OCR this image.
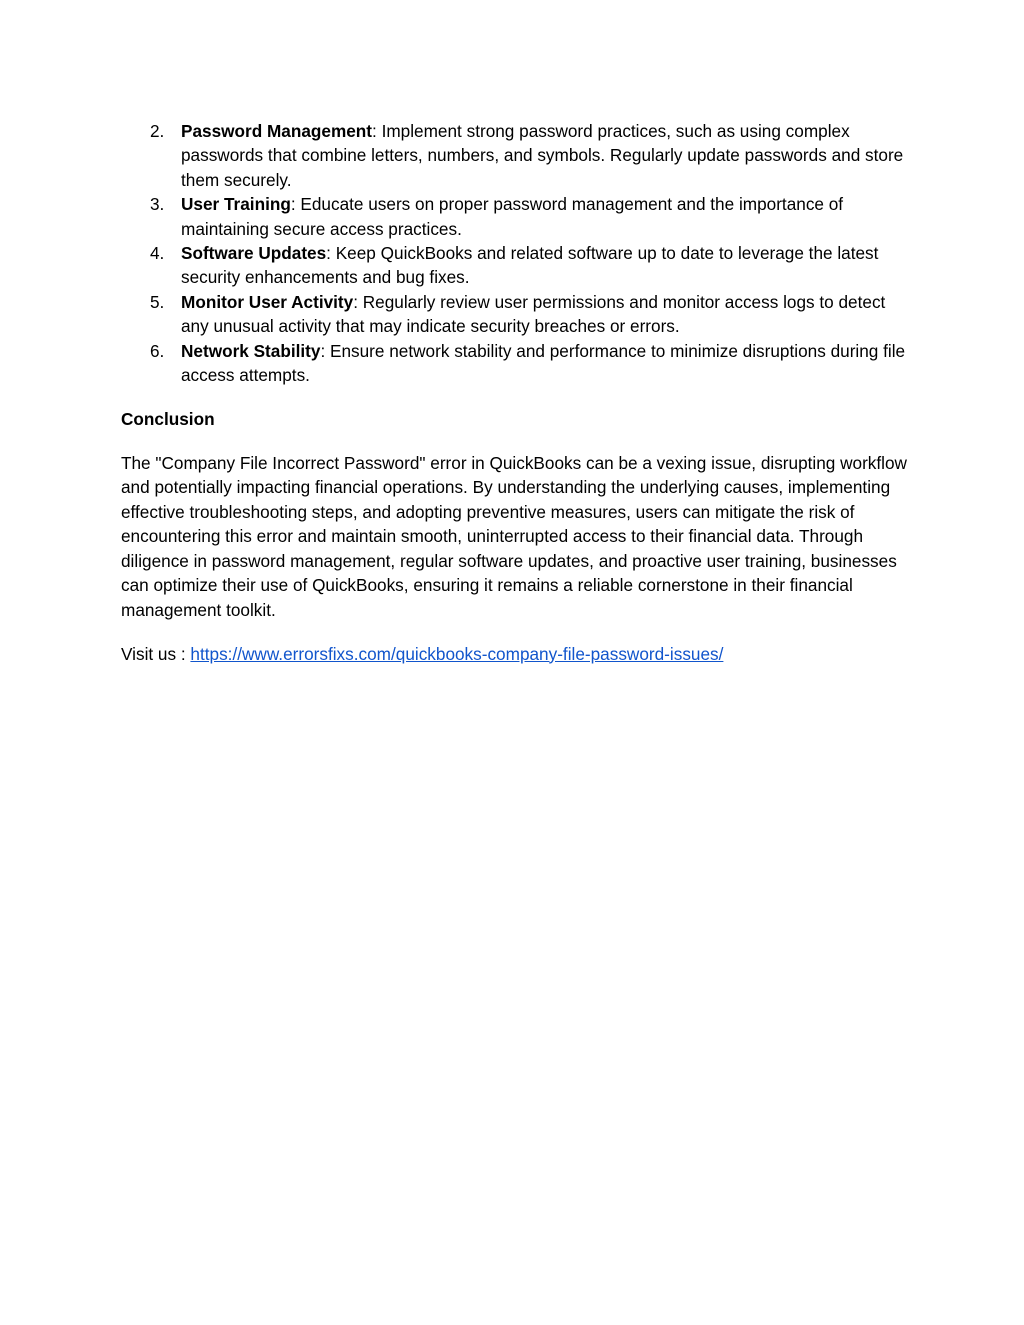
2. Password Management: Implement strong password practices, such as using complex passwords that combine letters, numbers, and symbols. Regularly update passwords and store them securely.
3. User Training: Educate users on proper password management and the importance of maintaining secure access practices.
4. Software Updates: Keep QuickBooks and related software up to date to leverage the latest security enhancements and bug fixes.
5. Monitor User Activity: Regularly review user permissions and monitor access logs to detect any unusual activity that may indicate security breaches or errors.
6. Network Stability: Ensure network stability and performance to minimize disruptions during file access attempts.
Conclusion

The "Company File Incorrect Password" error in QuickBooks can be a vexing issue, disrupting workflow and potentially impacting financial operations. By understanding the underlying causes, implementing effective troubleshooting steps, and adopting preventive measures, users can mitigate the risk of encountering this error and maintain smooth, uninterrupted access to their financial data. Through diligence in password management, regular software updates, and proactive user training, businesses can optimize their use of QuickBooks, ensuring it remains a reliable cornerstone in their financial management toolkit.

Visit us : https://www.errorsfixs.com/quickbooks-company-file-password-issues/
